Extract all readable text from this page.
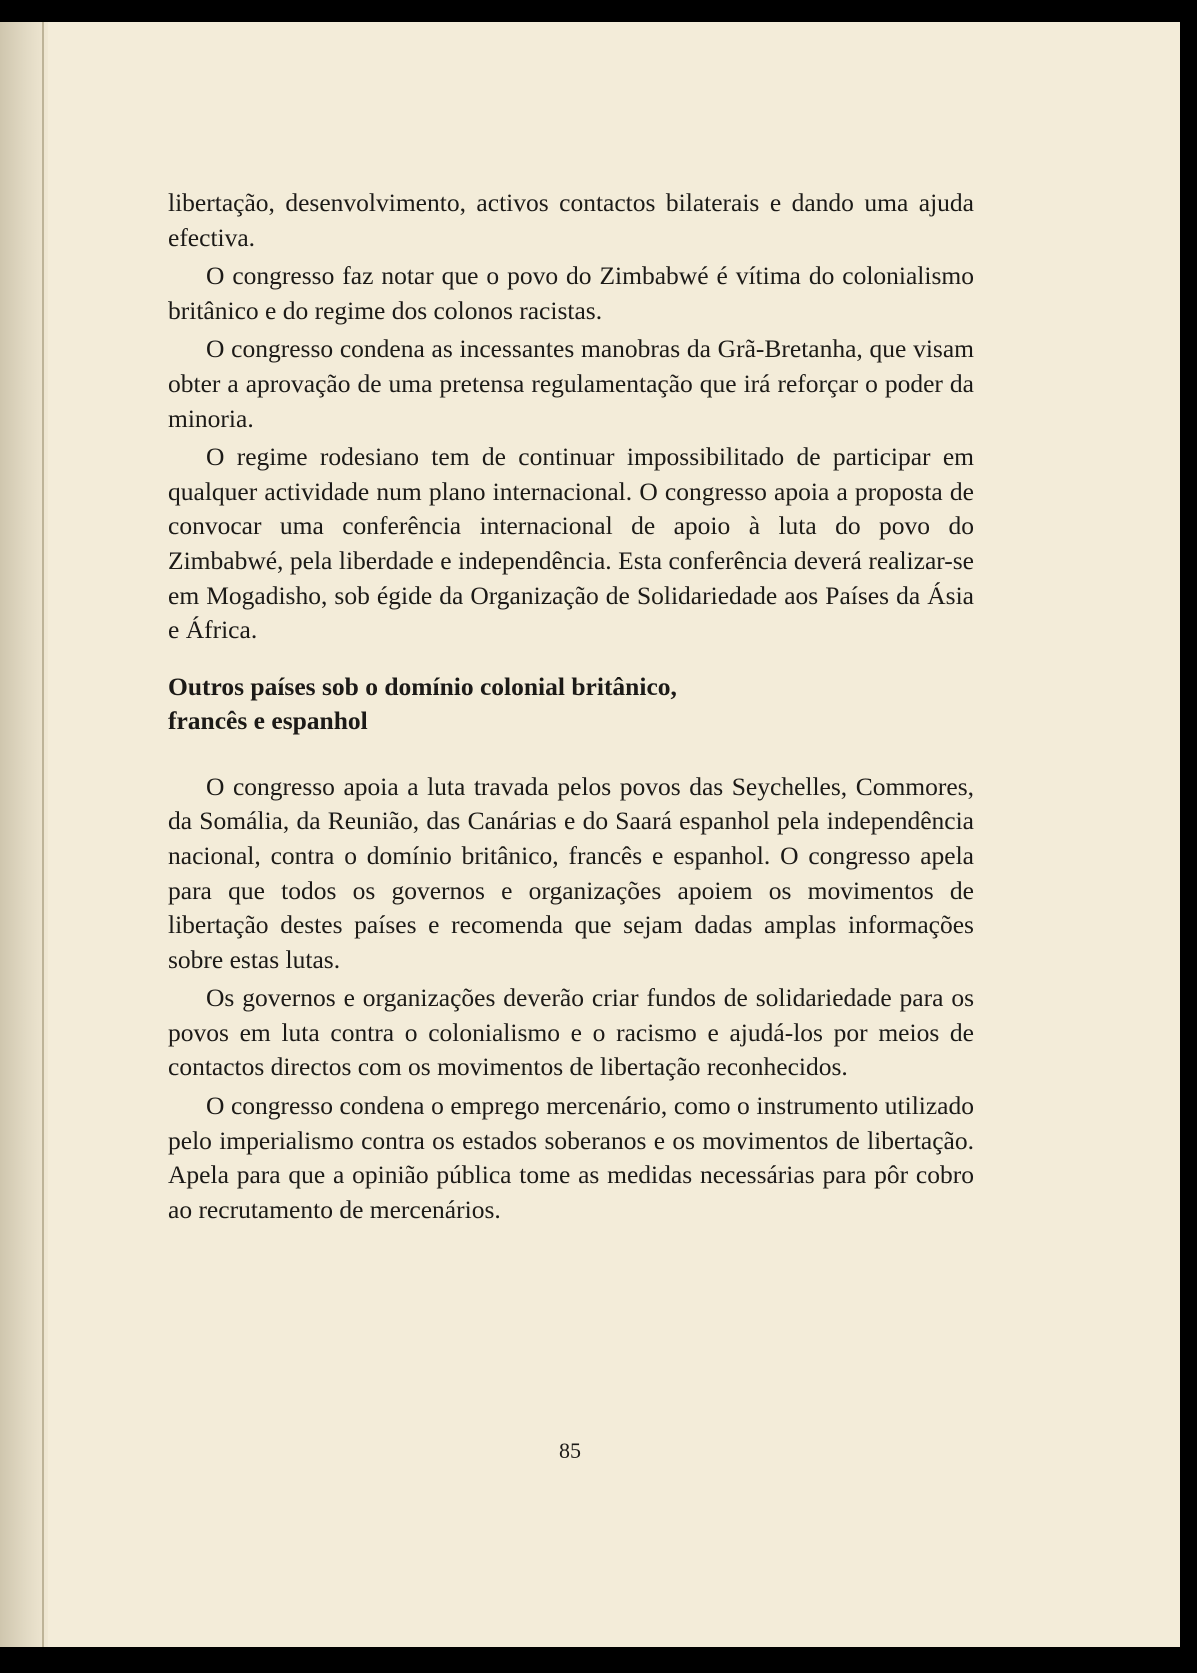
libertação, desenvolvimento, activos contactos bilaterais e dando uma ajuda efectiva.

O congresso faz notar que o povo do Zimbabwé é vítima do colonialismo britânico e do regime dos colonos racistas.

O congresso condena as incessantes manobras da Grã-Bretanha, que visam obter a aprovação de uma pretensa regulamentação que irá reforçar o poder da minoria.

O regime rodesiano tem de continuar impossibilitado de participar em qualquer actividade num plano internacional. O congresso apoia a proposta de convocar uma conferência internacional de apoio à luta do povo do Zimbabwé, pela liberdade e independência. Esta conferência deverá realizar-se em Mogadisho, sob égide da Organização de Solidariedade aos Países da Ásia e África.

Outros países sob o domínio colonial britânico,
francês e espanhol

O congresso apoia a luta travada pelos povos das Seychelles, Commores, da Somália, da Reunião, das Canárias e do Saará espanhol pela independência nacional, contra o domínio britânico, francês e espanhol. O congresso apela para que todos os governos e organizações apoiem os movimentos de libertação destes países e recomenda que sejam dadas amplas informações sobre estas lutas.

Os governos e organizações deverão criar fundos de solidariedade para os povos em luta contra o colonialismo e o racismo e ajudá-los por meios de contactos directos com os movimentos de libertação reconhecidos.

O congresso condena o emprego mercenário, como o instrumento utilizado pelo imperialismo contra os estados soberanos e os movimentos de libertação. Apela para que a opinião pública tome as medidas necessárias para pôr cobro ao recrutamento de mercenários.

85
